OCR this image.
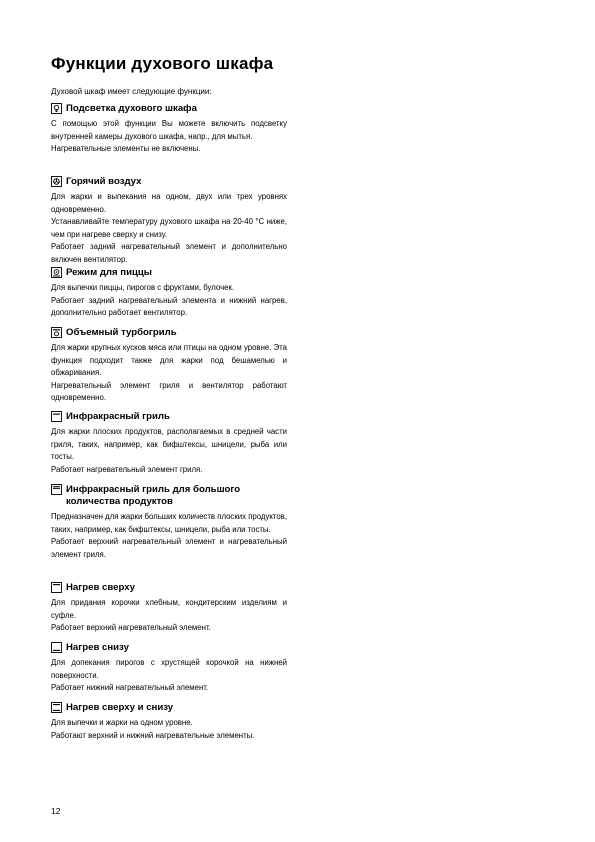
Функции духового шкафа
Духовой шкаф имеет следующие функции:
Подсветка духового шкафа
С помощью этой функции Вы можете включить подсветку внутренней камеры духового шкафа, напр., для мытья.
Нагревательные элементы не включены.
Горячий воздух
Для жарки и выпекания на одном, двух или трех уровнях одновременно.
Устанавливайте температуру духового шкафа на 20-40 °С ниже, чем при нагреве сверху и снизу.
Работает задний нагревательный элемент и дополнительно включен вентилятор.
Режим для пиццы
Для выпечки пиццы, пирогов с фруктами, булочек.
Работает задний нагревательный элемента и нижний нагрев, дополнительно работает вентилятор.
Объемный турбогриль
Для жарки крупных кусков мяса или птицы на одном уровне. Эта функция подходит также для жарки под бешамелью и обжаривания.
Нагревательный элемент гриля и вентилятор работают одновременно.
Инфракрасный гриль
Для жарки плоских продуктов, располагаемых в средней части гриля, таких, например, как бифштексы, шницели, рыба или тосты.
Работает нагревательный элемент гриля.
Инфракрасный гриль для большого количества продуктов
Предназначен для жарки больших количеств плоских продуктов, таких, например, как бифштексы, шницели, рыба или тосты.
Работает верхний нагревательный элемент и нагревательный элемент гриля.
Нагрев сверху
Для придания корочки хлебным, кондитерским изделиям и суфле.
Работает верхний нагревательный элемент.
Нагрев снизу
Для допекания пирогов с хрустящей корочкой на нижней поверхности.
Работает нижний нагревательный элемент.
Нагрев сверху и снизу
Для выпечки и жарки на одном уровне.
Работают верхний и нижний нагревательные элементы.
12
